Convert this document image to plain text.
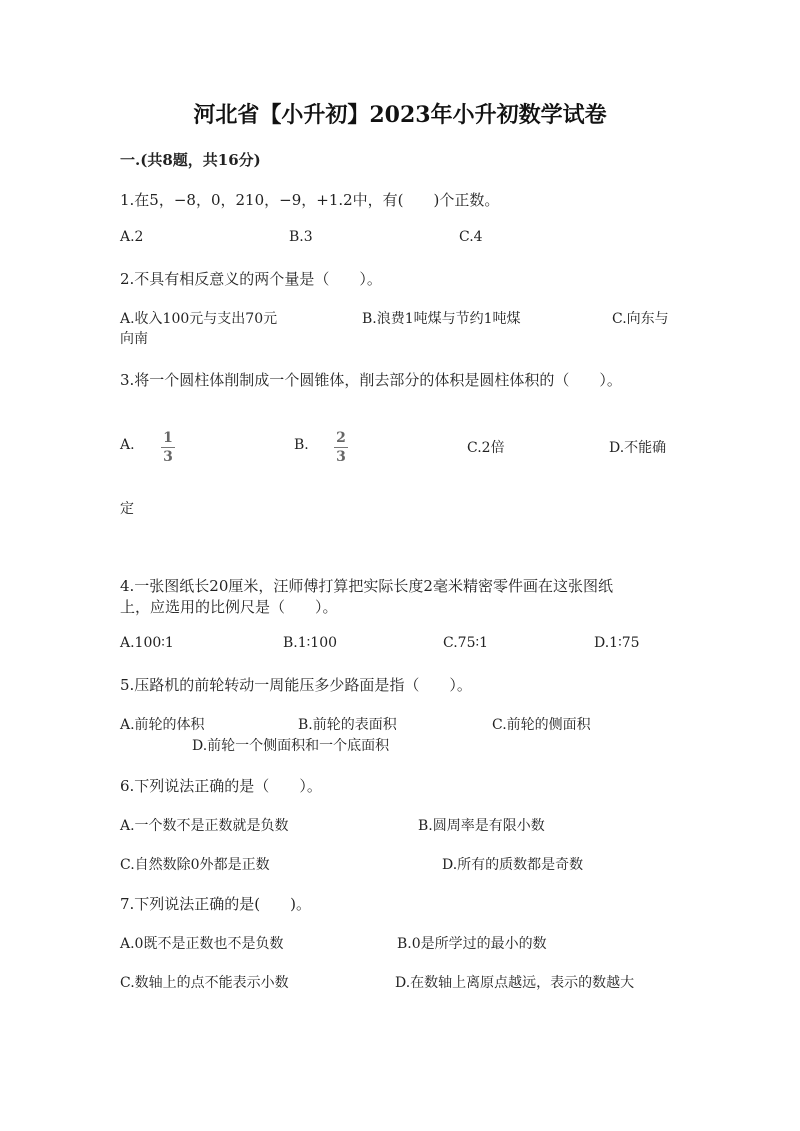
河北省【小升初】2023年小升初数学试卷
一.(共8题，共16分)
1.在5，−8，0，210，−9，+1.2中，有(　　)个正数。
A.2	B.3	C.4
2.不具有相反意义的两个量是（　　）。
A.收入100元与支出70元	B.浪费1吨煤与节约1吨煤	C.向东与
向南
3.将一个圆柱体削制成一个圆锥体，削去部分的体积是圆柱体积的（　　）。
A. 1
3
B. 2
3
C.2倍	D.不能确
定
4.一张图纸长20厘米，汪师傅打算把实际长度2毫米精密零件画在这张图纸
上，应选用的比例尺是（　　）。
A.100∶1	B.1∶100	C.75∶1	D.1∶75
5.压路机的前轮转动一周能压多少路面是指（　　）。
A.前轮的体积	B.前轮的表面积	C.前轮的侧面积
D.前轮一个侧面积和一个底面积
6.下列说法正确的是（　　）。
A.一个数不是正数就是负数	B.圆周率是有限小数
C.自然数除0外都是正数	D.所有的质数都是奇数
7.下列说法正确的是(　　)。
A.0既不是正数也不是负数	B.0是所学过的最小的数
C.数轴上的点不能表示小数	D.在数轴上离原点越远，表示的数越大
